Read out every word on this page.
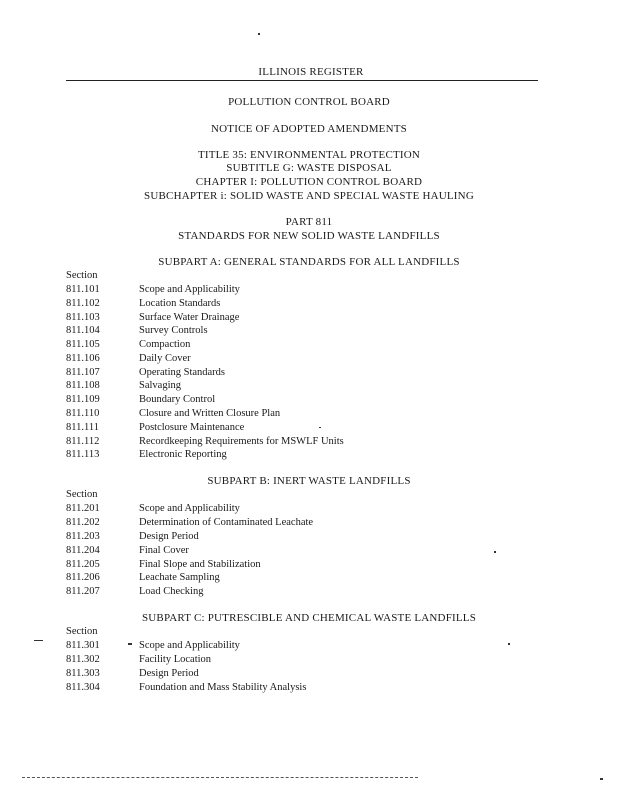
ILLINOIS REGISTER
POLLUTION CONTROL BOARD
NOTICE OF ADOPTED AMENDMENTS
TITLE 35: ENVIRONMENTAL PROTECTION
SUBTITLE G: WASTE DISPOSAL
CHAPTER I: POLLUTION CONTROL BOARD
SUBCHAPTER i: SOLID WASTE AND SPECIAL WASTE HAULING
PART 811
STANDARDS FOR NEW SOLID WASTE LANDFILLS
SUBPART A: GENERAL STANDARDS FOR ALL LANDFILLS
Section
811.101	Scope and Applicability
811.102	Location Standards
811.103	Surface Water Drainage
811.104	Survey Controls
811.105	Compaction
811.106	Daily Cover
811.107	Operating Standards
811.108	Salvaging
811.109	Boundary Control
811.110	Closure and Written Closure Plan
811.111	Postclosure Maintenance
811.112	Recordkeeping Requirements for MSWLF Units
811.113	Electronic Reporting
SUBPART B: INERT WASTE LANDFILLS
Section
811.201	Scope and Applicability
811.202	Determination of Contaminated Leachate
811.203	Design Period
811.204	Final Cover
811.205	Final Slope and Stabilization
811.206	Leachate Sampling
811.207	Load Checking
SUBPART C: PUTRESCIBLE AND CHEMICAL WASTE LANDFILLS
Section
811.301	Scope and Applicability
811.302	Facility Location
811.303	Design Period
811.304	Foundation and Mass Stability Analysis
